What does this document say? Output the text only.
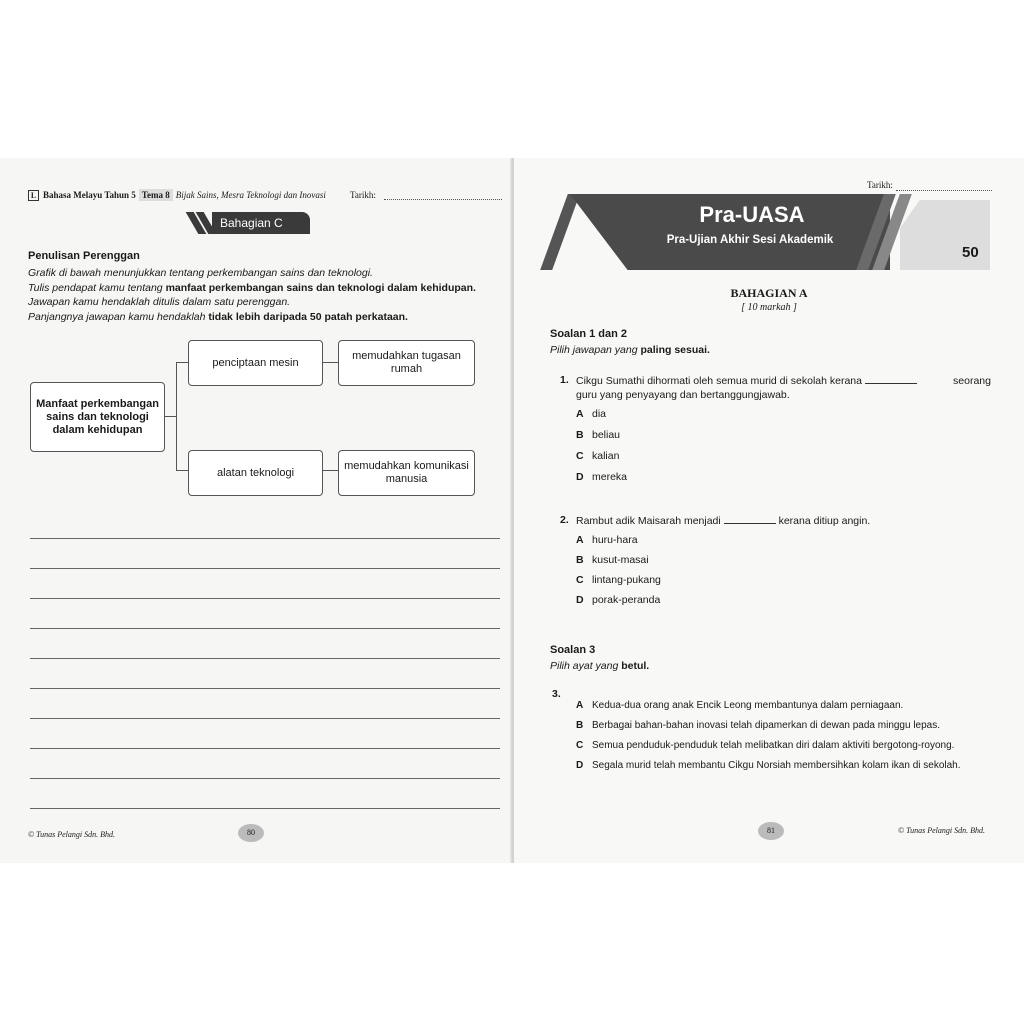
L Bahasa Melayu Tahun 5 Tema 8 Bijak Sains, Mesra Teknologi dan Inovasi	Tarikh:
Bahagian C
Penulisan Perenggan

Grafik di bawah menunjukkan tentang perkembangan sains dan teknologi.

Tulis pendapat kamu tentang manfaat perkembangan sains dan teknologi dalam kehidupan.

Jawapan kamu hendaklah ditulis dalam satu perenggan.

Panjangnya jawapan kamu hendaklah tidak lebih daripada 50 patah perkataan.

Manfaat perkembangan sains dan teknologi dalam kehidupan
penciptaan mesin
memudahkan tugasan rumah
alatan teknologi
memudahkan komunikasi manusia
© Tunas Pelangi Sdn. Bhd.	80
Tarikh:
Pra-UASA
Pra-Ujian Akhir Sesi Akademik
50
BAHAGIAN A
[ 10 markah ]
Soalan 1 dan 2
Pilih jawapan yang paling sesuai.
1. Cikgu Sumathi dihormati oleh semua murid di sekolah kerana	seorang

guru yang penyayang dan bertanggungjawab.
A dia
B beliau
C kalian
D mereka
2. Rambut adik Maisarah menjadi	kerana ditiup angin.
A huru-hara
B kusut-masai
C lintang-pukang
D porak-peranda
Soalan 3
Pilih ayat yang betul.
3.
A Kedua-dua orang anak Encik Leong membantunya dalam perniagaan.
B Berbagai bahan-bahan inovasi telah dipamerkan di dewan pada minggu lepas.
C Semua penduduk-penduduk telah melibatkan diri dalam aktiviti bergotong-royong.
D Segala murid telah membantu Cikgu Norsiah membersihkan kolam ikan di sekolah.
81	© Tunas Pelangi Sdn. Bhd.
